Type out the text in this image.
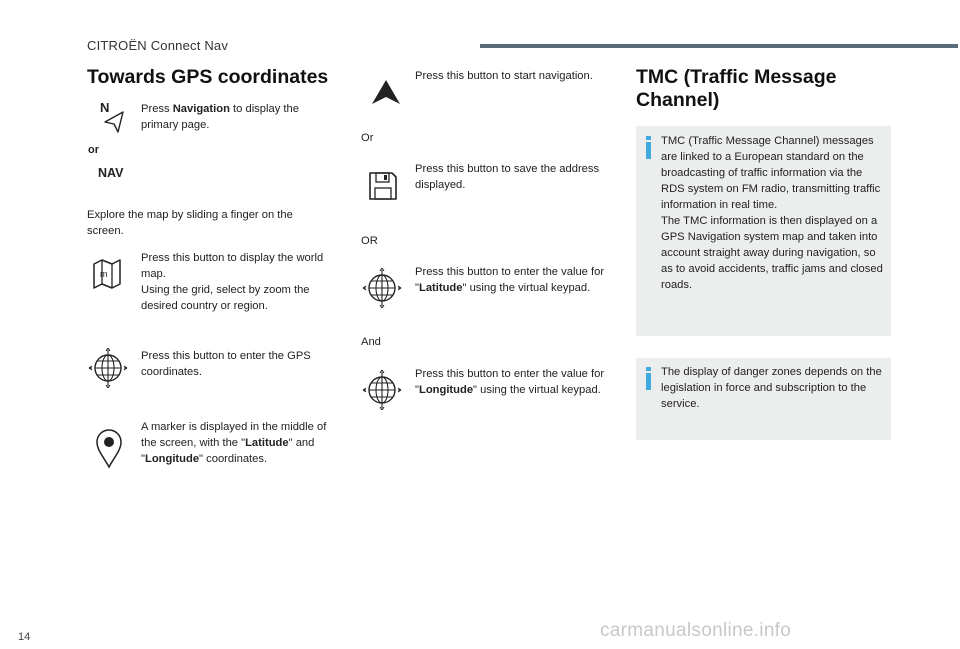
CITROËN Connect Nav
Towards GPS coordinates
N
or
NAV
Press Navigation to display the primary page.
Explore the map by sliding a finger on the screen.
m
Press this button to display the world map.
Using the grid, select by zoom the desired country or region.
Press this button to enter the GPS coordinates.
A marker is displayed in the middle of the screen, with the "Latitude" and "Longitude" coordinates.
Press this button to start navigation.
Or
Press this button to save the address displayed.
OR
Press this button to enter the value for "Latitude" using the virtual keypad.
And
Press this button to enter the value for "Longitude" using the virtual keypad.
TMC (Traffic Message Channel)
TMC (Traffic Message Channel) messages are linked to a European standard on the broadcasting of traffic information via the RDS system on FM radio, transmitting traffic information in real time.
The TMC information is then displayed on a GPS Navigation system map and taken into account straight away during navigation, so as to avoid accidents, traffic jams and closed roads.
The display of danger zones depends on the legislation in force and subscription to the service.
14	carmanualsonline.info
